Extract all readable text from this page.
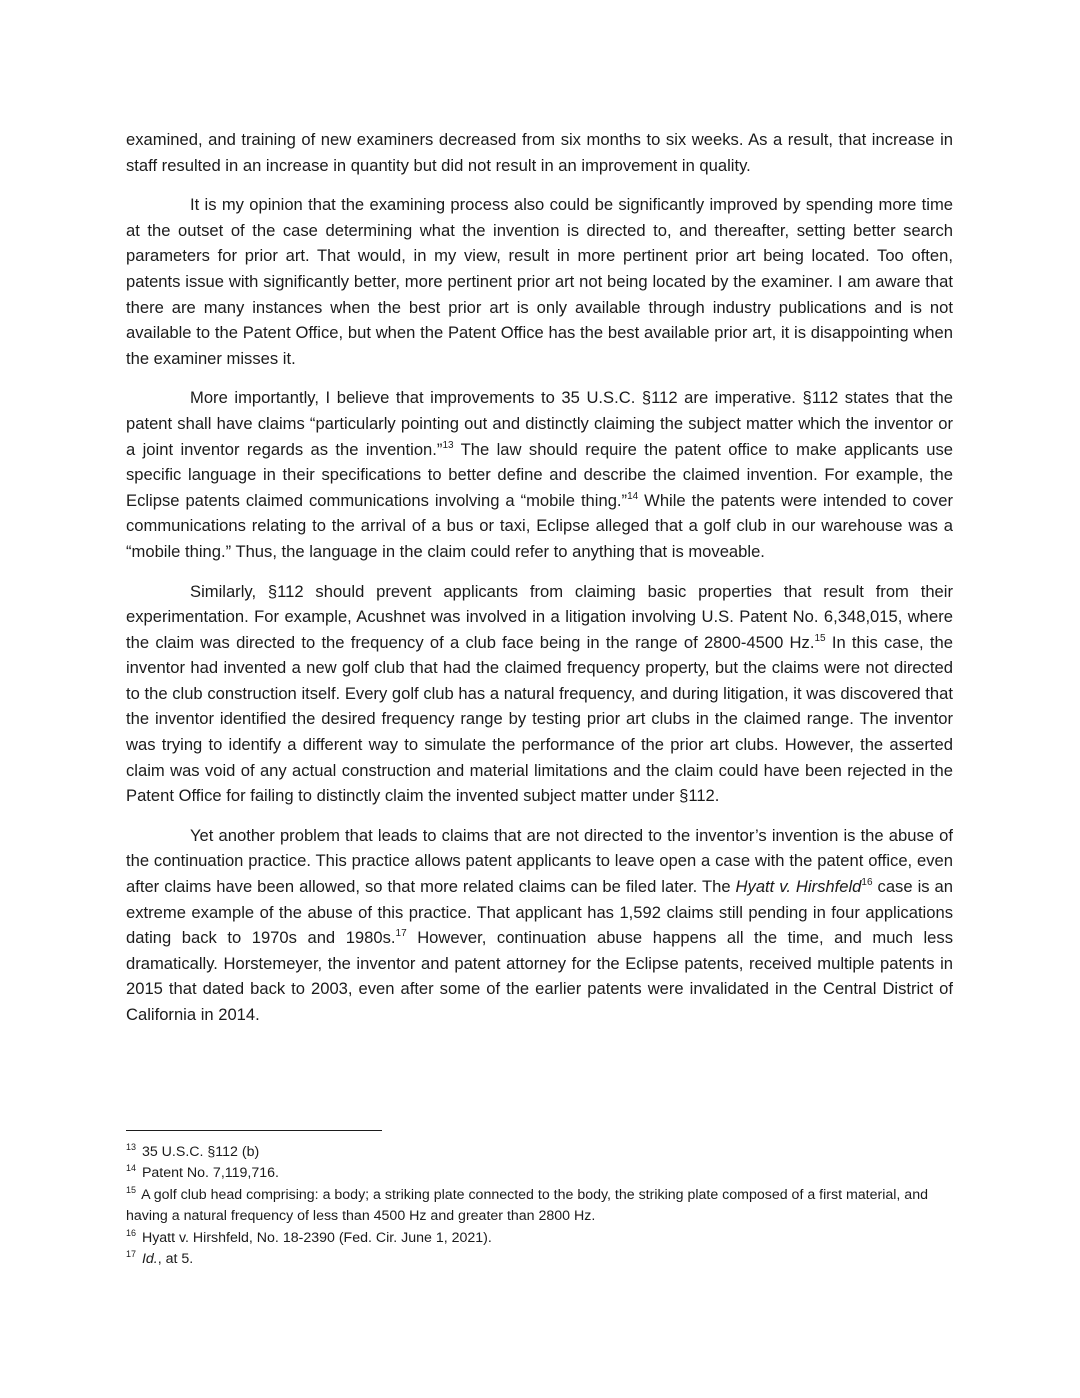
examined, and training of new examiners decreased from six months to six weeks. As a result, that increase in staff resulted in an increase in quantity but did not result in an improvement in quality.

It is my opinion that the examining process also could be significantly improved by spending more time at the outset of the case determining what the invention is directed to, and thereafter, setting better search parameters for prior art. That would, in my view, result in more pertinent prior art being located. Too often, patents issue with significantly better, more pertinent prior art not being located by the examiner. I am aware that there are many instances when the best prior art is only available through industry publications and is not available to the Patent Office, but when the Patent Office has the best available prior art, it is disappointing when the examiner misses it.

More importantly, I believe that improvements to 35 U.S.C. §112 are imperative. §112 states that the patent shall have claims “particularly pointing out and distinctly claiming the subject matter which the inventor or a joint inventor regards as the invention.”$^{13}$ The law should require the patent office to make applicants use specific language in their specifications to better define and describe the claimed invention. For example, the Eclipse patents claimed communications involving a “mobile thing.”$^{14}$ While the patents were intended to cover communications relating to the arrival of a bus or taxi, Eclipse alleged that a golf club in our warehouse was a “mobile thing.” Thus, the language in the claim could refer to anything that is moveable.

Similarly, §112 should prevent applicants from claiming basic properties that result from their experimentation. For example, Acushnet was involved in a litigation involving U.S. Patent No. 6,348,015, where the claim was directed to the frequency of a club face being in the range of 2800-4500 Hz.$^{15}$ In this case, the inventor had invented a new golf club that had the claimed frequency property, but the claims were not directed to the club construction itself. Every golf club has a natural frequency, and during litigation, it was discovered that the inventor identified the desired frequency range by testing prior art clubs in the claimed range. The inventor was trying to identify a different way to simulate the performance of the prior art clubs. However, the asserted claim was void of any actual construction and material limitations and the claim could have been rejected in the Patent Office for failing to distinctly claim the invented subject matter under §112.

Yet another problem that leads to claims that are not directed to the inventor’s invention is the abuse of the continuation practice. This practice allows patent applicants to leave open a case with the patent office, even after claims have been allowed, so that more related claims can be filed later. The Hyatt v. Hirshfeld$^{16}$ case is an extreme example of the abuse of this practice. That applicant has 1,592 claims still pending in four applications dating back to 1970s and 1980s.$^{17}$ However, continuation abuse happens all the time, and much less dramatically. Horstemeyer, the inventor and patent attorney for the Eclipse patents, received multiple patents in 2015 that dated back to 2003, even after some of the earlier patents were invalidated in the Central District of California in 2014.

$^{13}$ 35 U.S.C. §112 (b)

$^{14}$ Patent No. 7,119,716.

$^{15}$ A golf club head comprising: a body; a striking plate connected to the body, the striking plate composed of a first material, and having a natural frequency of less than 4500 Hz and greater than 2800 Hz.

$^{16}$ Hyatt v. Hirshfeld, No. 18-2390 (Fed. Cir. June 1, 2021).

$^{17}$ Id., at 5.
